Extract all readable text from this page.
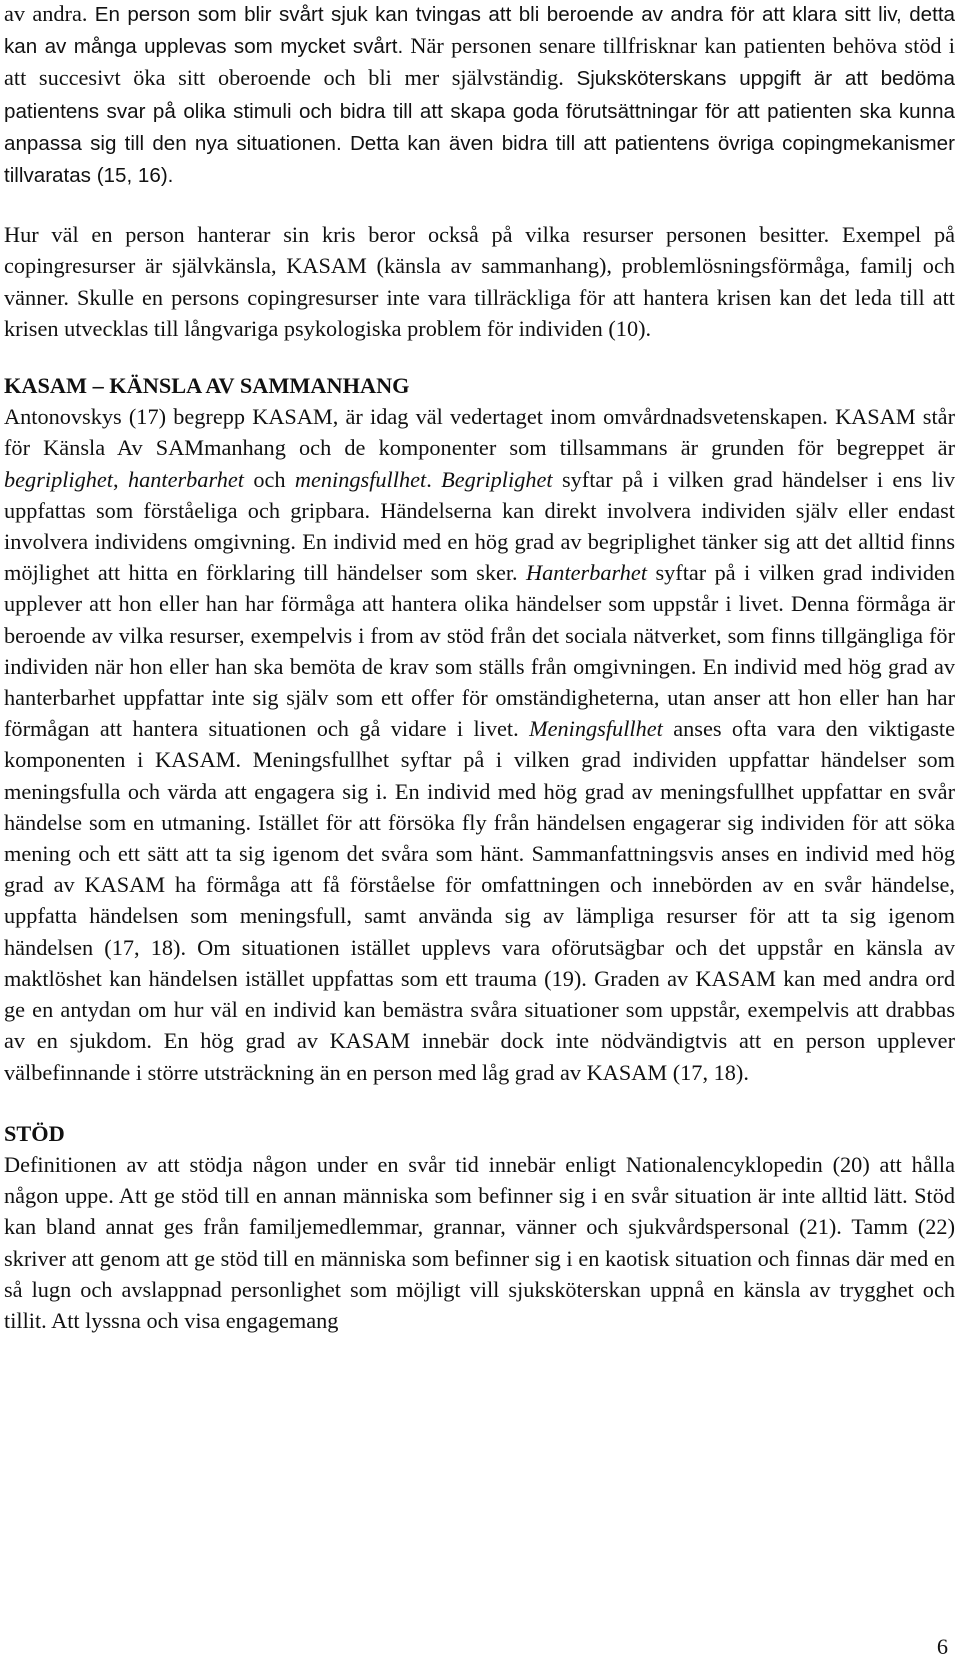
av andra. En person som blir svårt sjuk kan tvingas att bli beroende av andra för att klara sitt liv, detta kan av många upplevas som mycket svårt. När personen senare tillfrisknar kan patienten behöva stöd i att succesivt öka sitt oberoende och bli mer självständig. Sjuksköterskans uppgift är att bedöma patientens svar på olika stimuli och bidra till att skapa goda förutsättningar för att patienten ska kunna anpassa sig till den nya situationen. Detta kan även bidra till att patientens övriga copingmekanismer tillvaratas (15, 16).

Hur väl en person hanterar sin kris beror också på vilka resurser personen besitter. Exempel på copingresurser är självkänsla, KASAM (känsla av sammanhang), problemlösningsförmåga, familj och vänner. Skulle en persons copingresurser inte vara tillräckliga för att hantera krisen kan det leda till att krisen utvecklas till långvariga psykologiska problem för individen (10).

KASAM – KÄNSLA AV SAMMANHANG

Antonovskys (17) begrepp KASAM, är idag väl vedertaget inom omvårdnadsvetenskapen. KASAM står för Känsla Av SAMmanhang och de komponenter som tillsammans är grunden för begreppet är begriplighet, hanterbarhet och meningsfullhet. Begriplighet syftar på i vilken grad händelser i ens liv uppfattas som förståeliga och gripbara. Händelserna kan direkt involvera individen själv eller endast involvera individens omgivning. En individ med en hög grad av begriplighet tänker sig att det alltid finns möjlighet att hitta en förklaring till händelser som sker. Hanterbarhet syftar på i vilken grad individen upplever att hon eller han har förmåga att hantera olika händelser som uppstår i livet. Denna förmåga är beroende av vilka resurser, exempelvis i from av stöd från det sociala nätverket, som finns tillgängliga för individen när hon eller han ska bemöta de krav som ställs från omgivningen. En individ med hög grad av hanterbarhet uppfattar inte sig själv som ett offer för omständigheterna, utan anser att hon eller han har förmågan att hantera situationen och gå vidare i livet. Meningsfullhet anses ofta vara den viktigaste komponenten i KASAM. Meningsfullhet syftar på i vilken grad individen uppfattar händelser som meningsfulla och värda att engagera sig i. En individ med hög grad av meningsfullhet uppfattar en svår händelse som en utmaning. Istället för att försöka fly från händelsen engagerar sig individen för att söka mening och ett sätt att ta sig igenom det svåra som hänt. Sammanfattningsvis anses en individ med hög grad av KASAM ha förmåga att få förståelse för omfattningen och innebörden av en svår händelse, uppfatta händelsen som meningsfull, samt använda sig av lämpliga resurser för att ta sig igenom händelsen (17, 18). Om situationen istället upplevs vara oförutsägbar och det uppstår en känsla av maktlöshet kan händelsen istället uppfattas som ett trauma (19). Graden av KASAM kan med andra ord ge en antydan om hur väl en individ kan bemästra svåra situationer som uppstår, exempelvis att drabbas av en sjukdom. En hög grad av KASAM innebär dock inte nödvändigtvis att en person upplever välbefinnande i större utsträckning än en person med låg grad av KASAM (17, 18).

STÖD

Definitionen av att stödja någon under en svår tid innebär enligt Nationalencyklopedin (20) att hålla någon uppe. Att ge stöd till en annan människa som befinner sig i en svår situation är inte alltid lätt. Stöd kan bland annat ges från familjemedlemmar, grannar, vänner och sjukvårdspersonal (21). Tamm (22) skriver att genom att ge stöd till en människa som befinner sig i en kaotisk situation och finnas där med en så lugn och avslappnad personlighet som möjligt vill sjuksköterskan uppnå en känsla av trygghet och tillit. Att lyssna och visa engagemang

6
